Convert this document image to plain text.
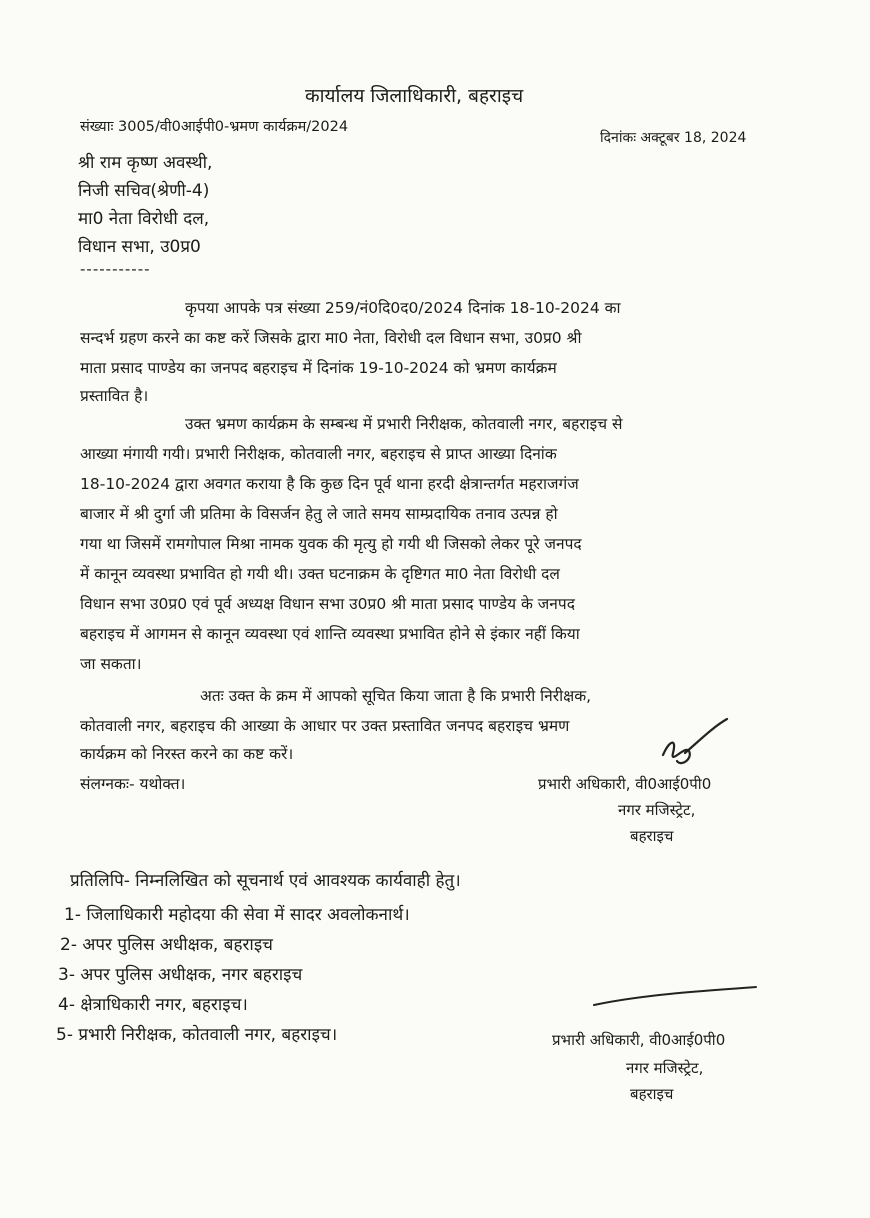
कार्यालय जिलाधिकारी, बहराइच
संख्याः 3005/वी0आईपी0-भ्रमण कार्यक्रम/2024
दिनांकः अक्टूबर 18, 2024
श्री राम कृष्ण अवस्थी,
निजी सचिव(श्रेणी-4)
मा0 नेता विरोधी दल,
विधान सभा, उ0प्र0
-----------
कृपया आपके पत्र संख्या 259/नं0दि0द0/2024 दिनांक 18-10-2024 का
सन्दर्भ ग्रहण करने का कष्ट करें जिसके द्वारा मा0 नेता, विरोधी दल विधान सभा, उ0प्र0 श्री
माता प्रसाद पाण्डेय का जनपद बहराइच में दिनांक 19-10-2024 को भ्रमण कार्यक्रम
प्रस्तावित है।
उक्त भ्रमण कार्यक्रम के सम्बन्ध में प्रभारी निरीक्षक, कोतवाली नगर, बहराइच से
आख्या मंगायी गयी। प्रभारी निरीक्षक, कोतवाली नगर, बहराइच से प्राप्त आख्या दिनांक
18-10-2024 द्वारा अवगत कराया है कि कुछ दिन पूर्व थाना हरदी क्षेत्रान्तर्गत महराजगंज
बाजार में श्री दुर्गा जी प्रतिमा के विसर्जन हेतु ले जाते समय साम्प्रदायिक तनाव उत्पन्न हो
गया था जिसमें रामगोपाल मिश्रा नामक युवक की मृत्यु हो गयी थी जिसको लेकर पूरे जनपद
में कानून व्यवस्था प्रभावित हो गयी थी। उक्त घटनाक्रम के दृष्टिगत मा0 नेता विरोधी दल
विधान सभा उ0प्र0 एवं पूर्व अध्यक्ष विधान सभा उ0प्र0 श्री माता प्रसाद पाण्डेय के जनपद
बहराइच में आगमन से कानून व्यवस्था एवं शान्ति व्यवस्था प्रभावित होने से इंकार नहीं किया
जा सकता।
अतः उक्त के क्रम में आपको सूचित किया जाता है कि प्रभारी निरीक्षक,
कोतवाली नगर, बहराइच की आख्या के आधार पर उक्त प्रस्तावित जनपद बहराइच भ्रमण
कार्यक्रम को निरस्त करने का कष्ट करें।
संलग्नकः- यथोक्त।	प्रभारी अधिकारी, वी0आई0पी0
नगर मजिस्ट्रेट,
बहराइच
प्रतिलिपि- निम्नलिखित को सूचनार्थ एवं आवश्यक कार्यवाही हेतु।
1- जिलाधिकारी महोदया की सेवा में सादर अवलोकनार्थ।
2- अपर पुलिस अधीक्षक, बहराइच
3- अपर पुलिस अधीक्षक, नगर बहराइच
4- क्षेत्राधिकारी नगर, बहराइच।
5- प्रभारी निरीक्षक, कोतवाली नगर, बहराइच।	प्रभारी अधिकारी, वी0आई0पी0
नगर मजिस्ट्रेट,
बहराइच
